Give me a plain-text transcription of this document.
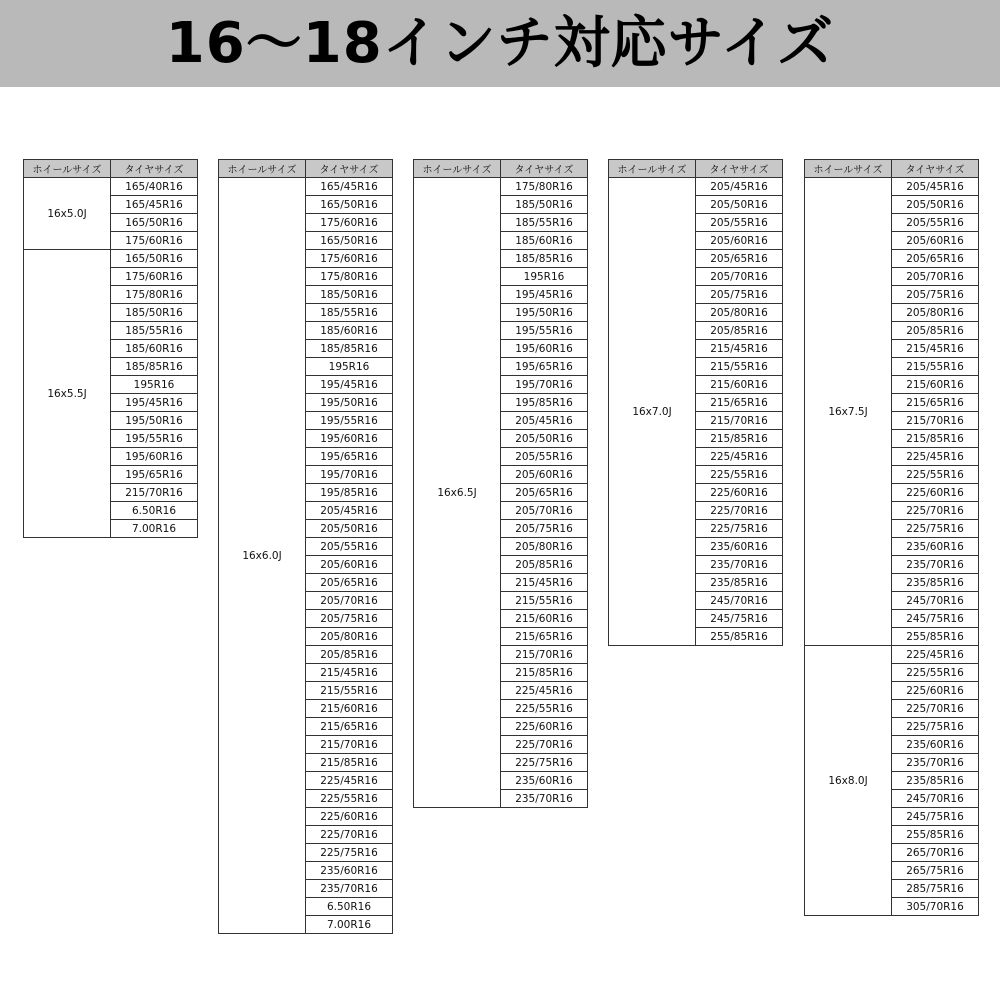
16〜18インチ対応サイズ
ホイールサイズ	タイヤサイズ
16x5.0J	165/40R16
	165/45R16
	165/50R16
	175/60R16
16x5.5J	165/50R16
	175/60R16
	175/80R16
	185/50R16
	185/55R16
	185/60R16
	185/85R16
	195R16
	195/45R16
	195/50R16
	195/55R16
	195/60R16
	195/65R16
	215/70R16
	6.50R16
	7.00R16
ホイールサイズ	タイヤサイズ
16x6.0J	165/45R16
	165/50R16
	175/60R16
	165/50R16
	175/60R16
	175/80R16
	185/50R16
	185/55R16
	185/60R16
	185/85R16
	195R16
	195/45R16
	195/50R16
	195/55R16
	195/60R16
	195/65R16
	195/70R16
	195/85R16
	205/45R16
	205/50R16
	205/55R16
	205/60R16
	205/65R16
	205/70R16
	205/75R16
	205/80R16
	205/85R16
	215/45R16
	215/55R16
	215/60R16
	215/65R16
	215/70R16
	215/85R16
	225/45R16
	225/55R16
	225/60R16
	225/70R16
	225/75R16
	235/60R16
	235/70R16
	6.50R16
	7.00R16
ホイールサイズ	タイヤサイズ
16x6.5J	175/80R16
	185/50R16
	185/55R16
	185/60R16
	185/85R16
	195R16
	195/45R16
	195/50R16
	195/55R16
	195/60R16
	195/65R16
	195/70R16
	195/85R16
	205/45R16
	205/50R16
	205/55R16
	205/60R16
	205/65R16
	205/70R16
	205/75R16
	205/80R16
	205/85R16
	215/45R16
	215/55R16
	215/60R16
	215/65R16
	215/70R16
	215/85R16
	225/45R16
	225/55R16
	225/60R16
	225/70R16
	225/75R16
	235/60R16
	235/70R16
ホイールサイズ	タイヤサイズ
16x7.0J	205/45R16
	205/50R16
	205/55R16
	205/60R16
	205/65R16
	205/70R16
	205/75R16
	205/80R16
	205/85R16
	215/45R16
	215/55R16
	215/60R16
	215/65R16
	215/70R16
	215/85R16
	225/45R16
	225/55R16
	225/60R16
	225/70R16
	225/75R16
	235/60R16
	235/70R16
	235/85R16
	245/70R16
	245/75R16
	255/85R16
ホイールサイズ	タイヤサイズ
16x7.5J	205/45R16
	205/50R16
	205/55R16
	205/60R16
	205/65R16
	205/70R16
	205/75R16
	205/80R16
	205/85R16
	215/45R16
	215/55R16
	215/60R16
	215/65R16
	215/70R16
	215/85R16
	225/45R16
	225/55R16
	225/60R16
	225/70R16
	225/75R16
	235/60R16
	235/70R16
	235/85R16
	245/70R16
	245/75R16
	255/85R16
16x8.0J	225/45R16
	225/55R16
	225/60R16
	225/70R16
	225/75R16
	235/60R16
	235/70R16
	235/85R16
	245/70R16
	245/75R16
	255/85R16
	265/70R16
	265/75R16
	285/75R16
	305/70R16
